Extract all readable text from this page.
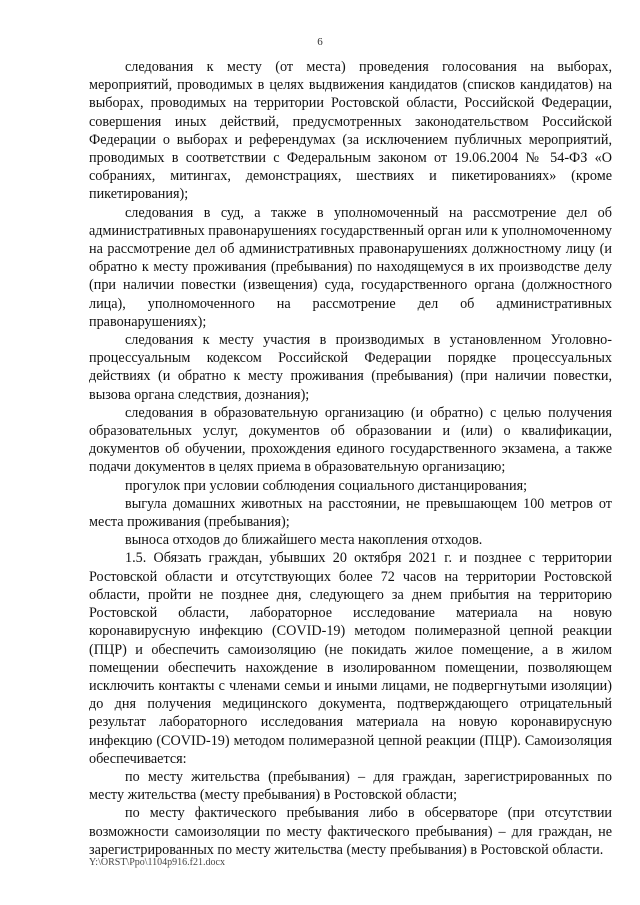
6

следования к месту (от места) проведения голосования на выборах, мероприятий, проводимых в целях выдвижения кандидатов (списков кандидатов) на выборах, проводимых на территории Ростовской области, Российской Федерации, совершения иных действий, предусмотренных законодательством Российской Федерации о выборах и референдумах (за исключением публичных мероприятий, проводимых в соответствии с Федеральным законом от 19.06.2004 № 54-ФЗ «О собраниях, митингах, демонстрациях, шествиях и пикетированиях» (кроме пикетирования);

следования в суд, а также в уполномоченный на рассмотрение дел об административных правонарушениях государственный орган или к уполномоченному на рассмотрение дел об административных правонарушениях должностному лицу (и обратно к месту проживания (пребывания) по находящемуся в их производстве делу (при наличии повестки (извещения) суда, государственного органа (должностного лица), уполномоченного на рассмотрение дел об административных правонарушениях);

следования к месту участия в производимых в установленном Уголовно-процессуальным кодексом Российской Федерации порядке процессуальных действиях (и обратно к месту проживания (пребывания) (при наличии повестки, вызова органа следствия, дознания);

следования в образовательную организацию (и обратно) с целью получения образовательных услуг, документов об образовании и (или) о квалификации, документов об обучении, прохождения единого государственного экзамена, а также подачи документов в целях приема в образовательную организацию;

прогулок при условии соблюдения социального дистанцирования;

выгула домашних животных на расстоянии, не превышающем 100 метров от места проживания (пребывания);

выноса отходов до ближайшего места накопления отходов.

1.5. Обязать граждан, убывших 20 октября 2021 г. и позднее с территории Ростовской области и отсутствующих более 72 часов на территории Ростовской области, пройти не позднее дня, следующего за днем прибытия на территорию Ростовской области, лабораторное исследование материала на новую коронавирусную инфекцию (COVID-19) методом полимеразной цепной реакции (ПЦР) и обеспечить самоизоляцию (не покидать жилое помещение, а в жилом помещении обеспечить нахождение в изолированном помещении, позволяющем исключить контакты с членами семьи и иными лицами, не подвергнутыми изоляции) до дня получения медицинского документа, подтверждающего отрицательный результат лабораторного исследования материала на новую коронавирусную инфекцию (COVID-19) методом полимеразной цепной реакции (ПЦР). Самоизоляция обеспечивается:

по месту жительства (пребывания) – для граждан, зарегистрированных по месту жительства (месту пребывания) в Ростовской области;

по месту фактического пребывания либо в обсерваторе (при отсутствии возможности самоизоляции по месту фактического пребывания) – для граждан, не зарегистрированных по месту жительства (месту пребывания) в Ростовской области.

Y:\ORST\Ppo\1104p916.f21.docx
